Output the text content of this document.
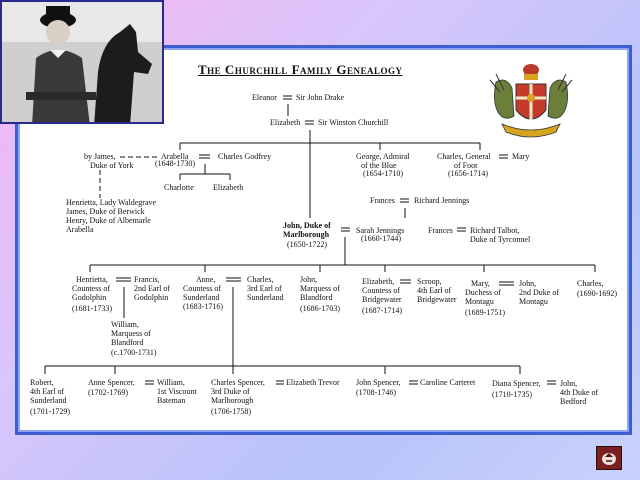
The Churchill Family Genealogy
Eleanor Sir John Drake
Elizabeth Sir Winston Churchill
by James,
Duke of York
Arabella
(1648-1730)
Charles Godfrey
Charlotte Elizabeth
Henrietta, Lady Waldegrave
James, Duke of Berwick
Henry, Duke of Albemarle
Arabella
George, Admiral
of the Blue
(1654-1710)
Charles, General
of Foot
(1656-1714)
Mary
Frances Richard Jennings
John, Duke of
Marlborough
(1650-1722)
Sarah Jennings
(1660-1744)
Frances Richard Talbot,
Duke of Tyrconnel
Henrietta,
Countess of
Godolphin
(1681-1733)
Francis,
2nd Earl of
Godolphin
William,
Marquess of
Blandford
(c.1700-1731)
Anne,
Countess of
Sunderland
(1683-1716)
Charles,
3rd Earl of
Sunderland
John,
Marquess of
Blandford
(1686-1703)
Elizabeth,
Countess of
Bridgewater
(1687-1714)
Scroop,
4th Earl of
Bridgewater
Mary,
Duchess of
Montagu
(1689-1751)
John,
2nd Duke of
Montagu
Charles,
(1690-1692)
Robert,
4th Earl of
Sunderland
(1701-1729)
Anne Spencer,
(1702-1769)
William,
1st Viscount
Bateman
Charles Spencer,
3rd Duke of
Marlborough
(1706-1758)
Elizabeth Trevor John Spencer,
(1708-1746)
Caroline Carteret Diana Spencer,
(1710-1735)
John,
4th Duke of
Bedford
